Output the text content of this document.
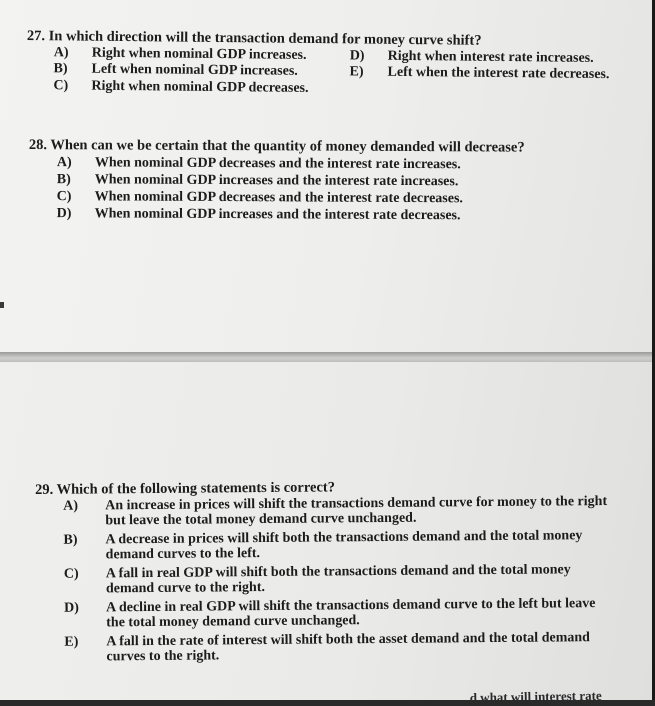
27. In which direction will the transaction demand for money curve shift?
A) Right when nominal GDP increases.
B) Left when nominal GDP increases.
C) Right when nominal GDP decreases.
D) Right when interest rate increases.
E) Left when the interest rate decreases.
28. When can we be certain that the quantity of money demanded will decrease?
A) When nominal GDP decreases and the interest rate increases.
B) When nominal GDP increases and the interest rate increases.
C) When nominal GDP decreases and the interest rate decreases.
D) When nominal GDP increases and the interest rate decreases.
29. Which of the following statements is correct?
A) An increase in prices will shift the transactions demand curve for money to the right but leave the total money demand curve unchanged.
B) A decrease in prices will shift both the transactions demand and the total money demand curves to the left.
C) A fall in real GDP will shift both the transactions demand and the total money demand curve to the right.
D) A decline in real GDP will shift the transactions demand curve to the left but leave the total money demand curve unchanged.
E) A fall in the rate of interest will shift both the asset demand and the total demand curves to the right.
...d what will interest rate
